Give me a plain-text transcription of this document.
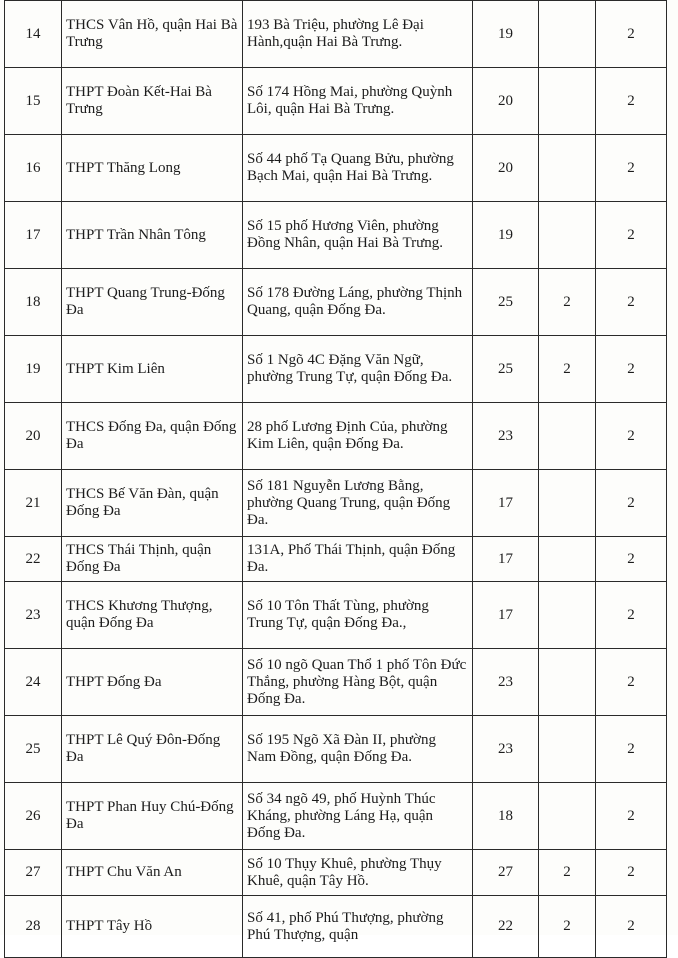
14	THCS Vân Hồ, quận Hai Bà Trưng	193 Bà Triệu, phường Lê Đại Hành,quận Hai Bà Trưng.	19		2
15	THPT Đoàn Kết-Hai Bà Trưng	Số 174 Hồng Mai, phường Quỳnh Lôi, quận Hai Bà Trưng.	20		2
16	THPT Thăng Long	Số 44 phố Tạ Quang Bửu, phường Bạch Mai, quận Hai Bà Trưng.	20		2
17	THPT Trần Nhân Tông	Số 15 phố Hương Viên, phường Đồng Nhân, quận Hai Bà Trưng.	19		2
18	THPT Quang Trung-Đống Đa	Số 178 Đường Láng, phường Thịnh Quang, quận Đống Đa.	25	2	2
19	THPT Kim Liên	Số 1 Ngõ 4C Đặng Văn Ngữ, phường Trung Tự, quận Đống Đa.	25	2	2
20	THCS Đống Đa, quận Đống Đa	28 phố Lương Định Của, phường Kim Liên, quận Đống Đa.	23		2
21	THCS Bế Văn Đàn, quận Đống Đa	Số 181 Nguyễn Lương Bằng, phường Quang Trung, quận Đống Đa.	17		2
22	THCS Thái Thịnh, quận Đống Đa	131A, Phố Thái Thịnh, quận Đống Đa.	17		2
23	THCS Khương Thượng, quận Đống Đa	Số 10 Tôn Thất Tùng, phường Trung Tự, quận Đống Đa.,	17		2
24	THPT Đống Đa	Số 10 ngõ Quan Thổ 1 phố Tôn Đức Thắng, phường Hàng Bột, quận Đống Đa.	23		2
25	THPT Lê Quý Đôn-Đống Đa	Số 195 Ngõ Xã Đàn II, phường Nam Đồng, quận Đống Đa.	23		2
26	THPT Phan Huy Chú-Đống Đa	Số 34 ngõ 49, phố Huỳnh Thúc Kháng, phường Láng Hạ, quận Đống Đa.	18		2
27	THPT Chu Văn An	Số 10 Thụy Khuê, phường Thụy Khuê, quận Tây Hồ.	27	2	2
28	THPT Tây Hồ	Số 41, phố Phú Thượng, phường Phú Thượng, quận	22	2	2
